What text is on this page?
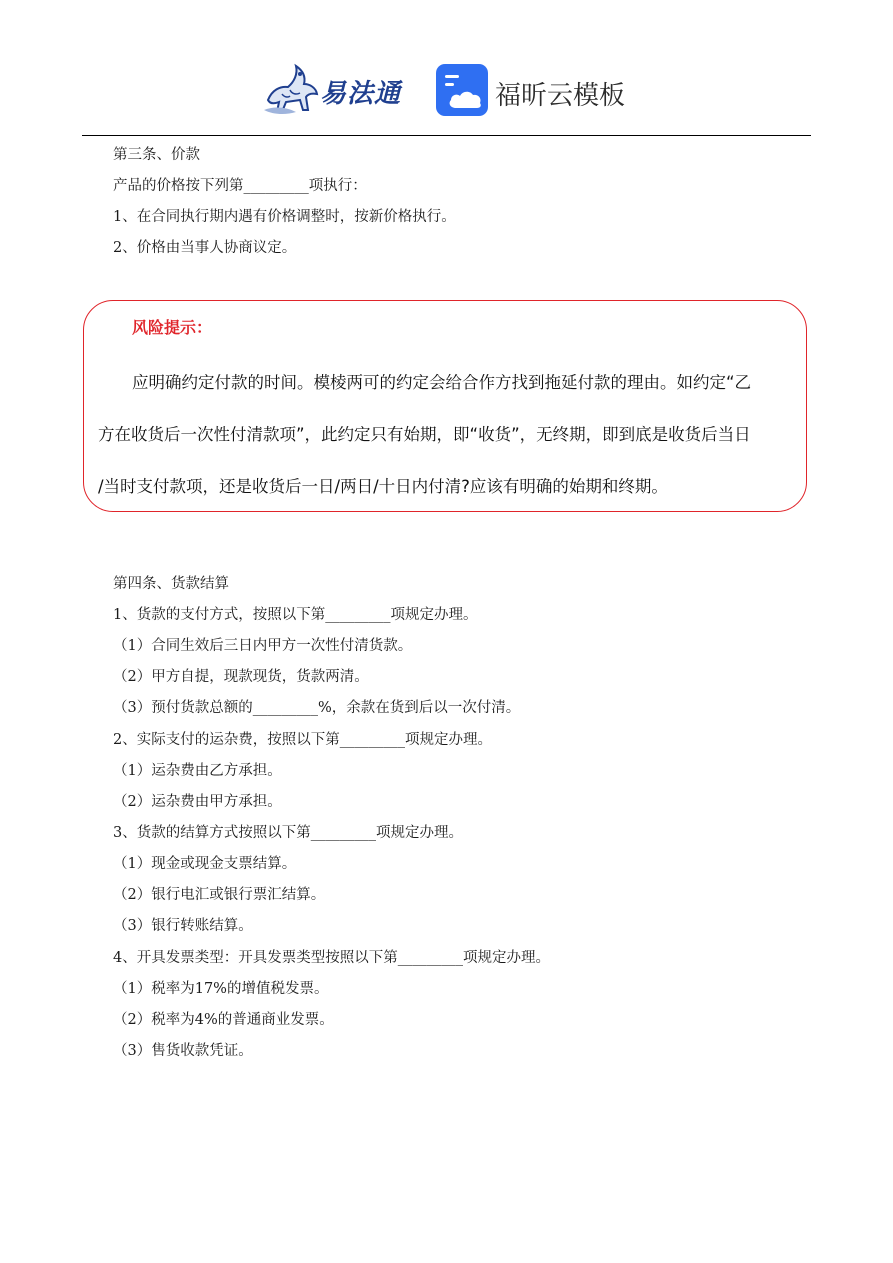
易法通	福昕云模板
第三条、价款
产品的价格按下列第_________项执行：
1、在合同执行期内遇有价格调整时，按新价格执行。
2、价格由当事人协商议定。
风险提示：
应明确约定付款的时间。模棱两可的约定会给合作方找到拖延付款的理由。如约定“乙
方在收货后一次性付清款项”，此约定只有始期，即“收货”，无终期，即到底是收货后当日
/当时支付款项，还是收货后一日/两日/十日内付清?应该有明确的始期和终期。
第四条、货款结算
1、货款的支付方式，按照以下第_________项规定办理。
（1）合同生效后三日内甲方一次性付清货款。
（2）甲方自提，现款现货，货款两清。
（3）预付货款总额的_________%，余款在货到后以一次付清。
2、实际支付的运杂费，按照以下第_________项规定办理。
（1）运杂费由乙方承担。
（2）运杂费由甲方承担。
3、货款的结算方式按照以下第_________项规定办理。
（1）现金或现金支票结算。
（2）银行电汇或银行票汇结算。
（3）银行转账结算。
4、开具发票类型：开具发票类型按照以下第_________项规定办理。
（1）税率为17%的增值税发票。
（2）税率为4%的普通商业发票。
（3）售货收款凭证。
